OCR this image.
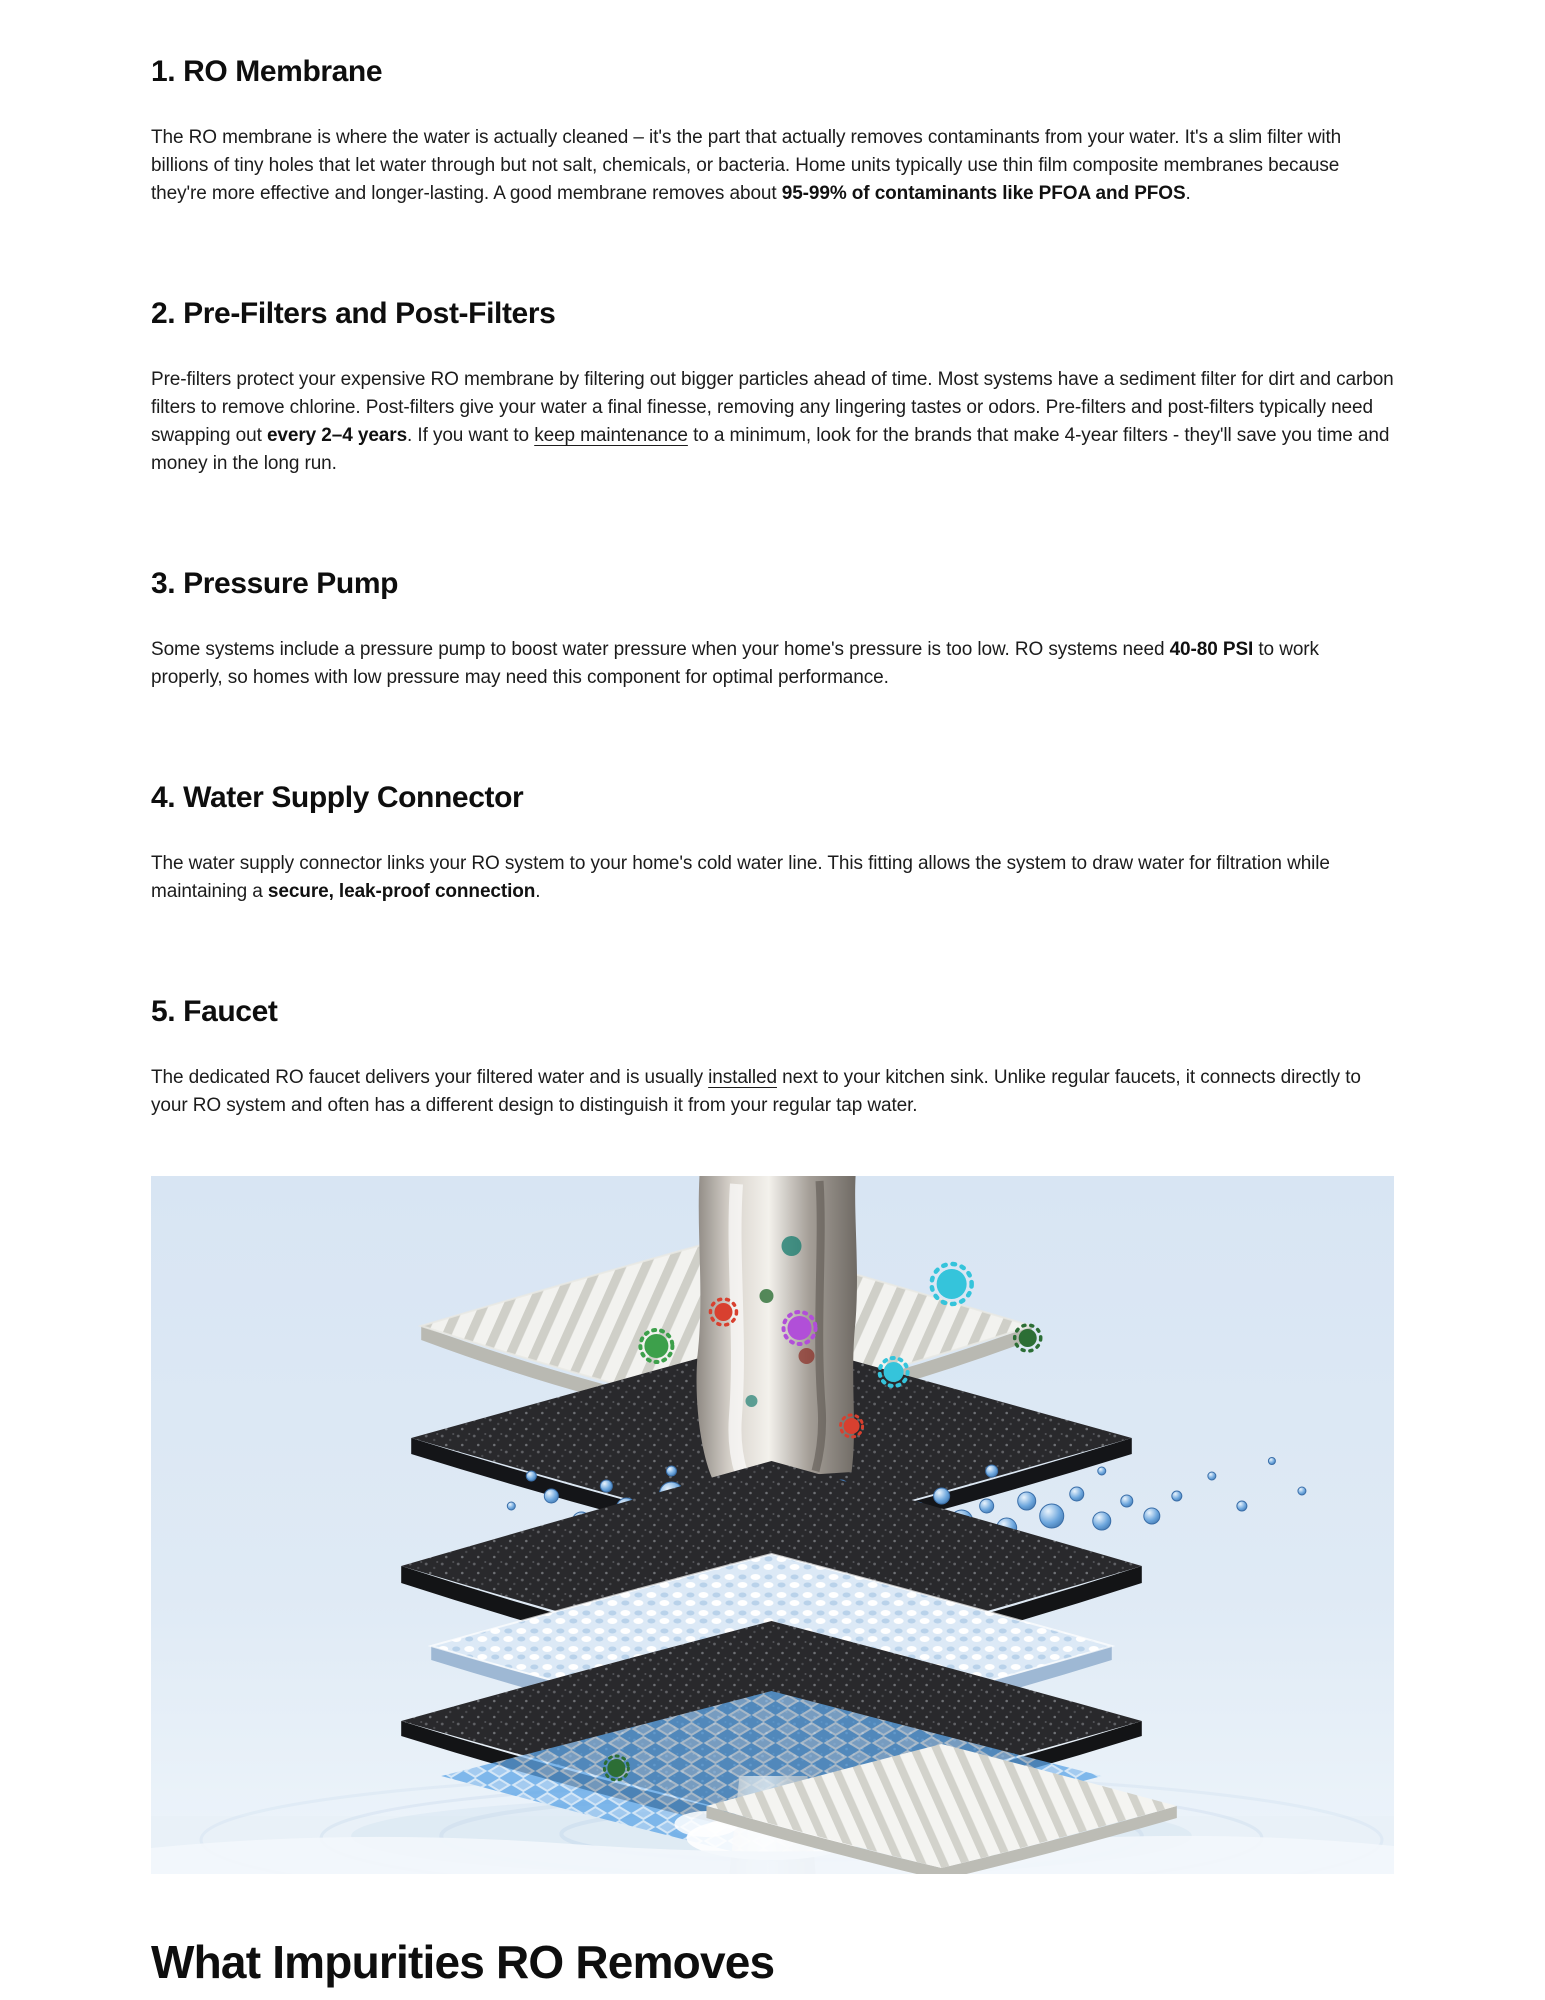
1. RO Membrane

The RO membrane is where the water is actually cleaned – it's the part that actually removes contaminants from your water. It's a slim filter with billions of tiny holes that let water through but not salt, chemicals, or bacteria. Home units typically use thin film composite membranes because they're more effective and longer-lasting. A good membrane removes about 95-99% of contaminants like PFOA and PFOS.

2. Pre-Filters and Post-Filters

Pre-filters protect your expensive RO membrane by filtering out bigger particles ahead of time. Most systems have a sediment filter for dirt and carbon filters to remove chlorine. Post-filters give your water a final finesse, removing any lingering tastes or odors. Pre-filters and post-filters typically need swapping out every 2–4 years. If you want to keep maintenance to a minimum, look for the brands that make 4-year filters - they'll save you time and money in the long run.

3. Pressure Pump

Some systems include a pressure pump to boost water pressure when your home's pressure is too low. RO systems need 40-80 PSI to work properly, so homes with low pressure may need this component for optimal performance.

4. Water Supply Connector

The water supply connector links your RO system to your home's cold water line. This fitting allows the system to draw water for filtration while maintaining a secure, leak-proof connection.

5. Faucet

The dedicated RO faucet delivers your filtered water and is usually installed next to your kitchen sink. Unlike regular faucets, it connects directly to your RO system and often has a different design to distinguish it from your regular tap water.

What Impurities RO Removes
